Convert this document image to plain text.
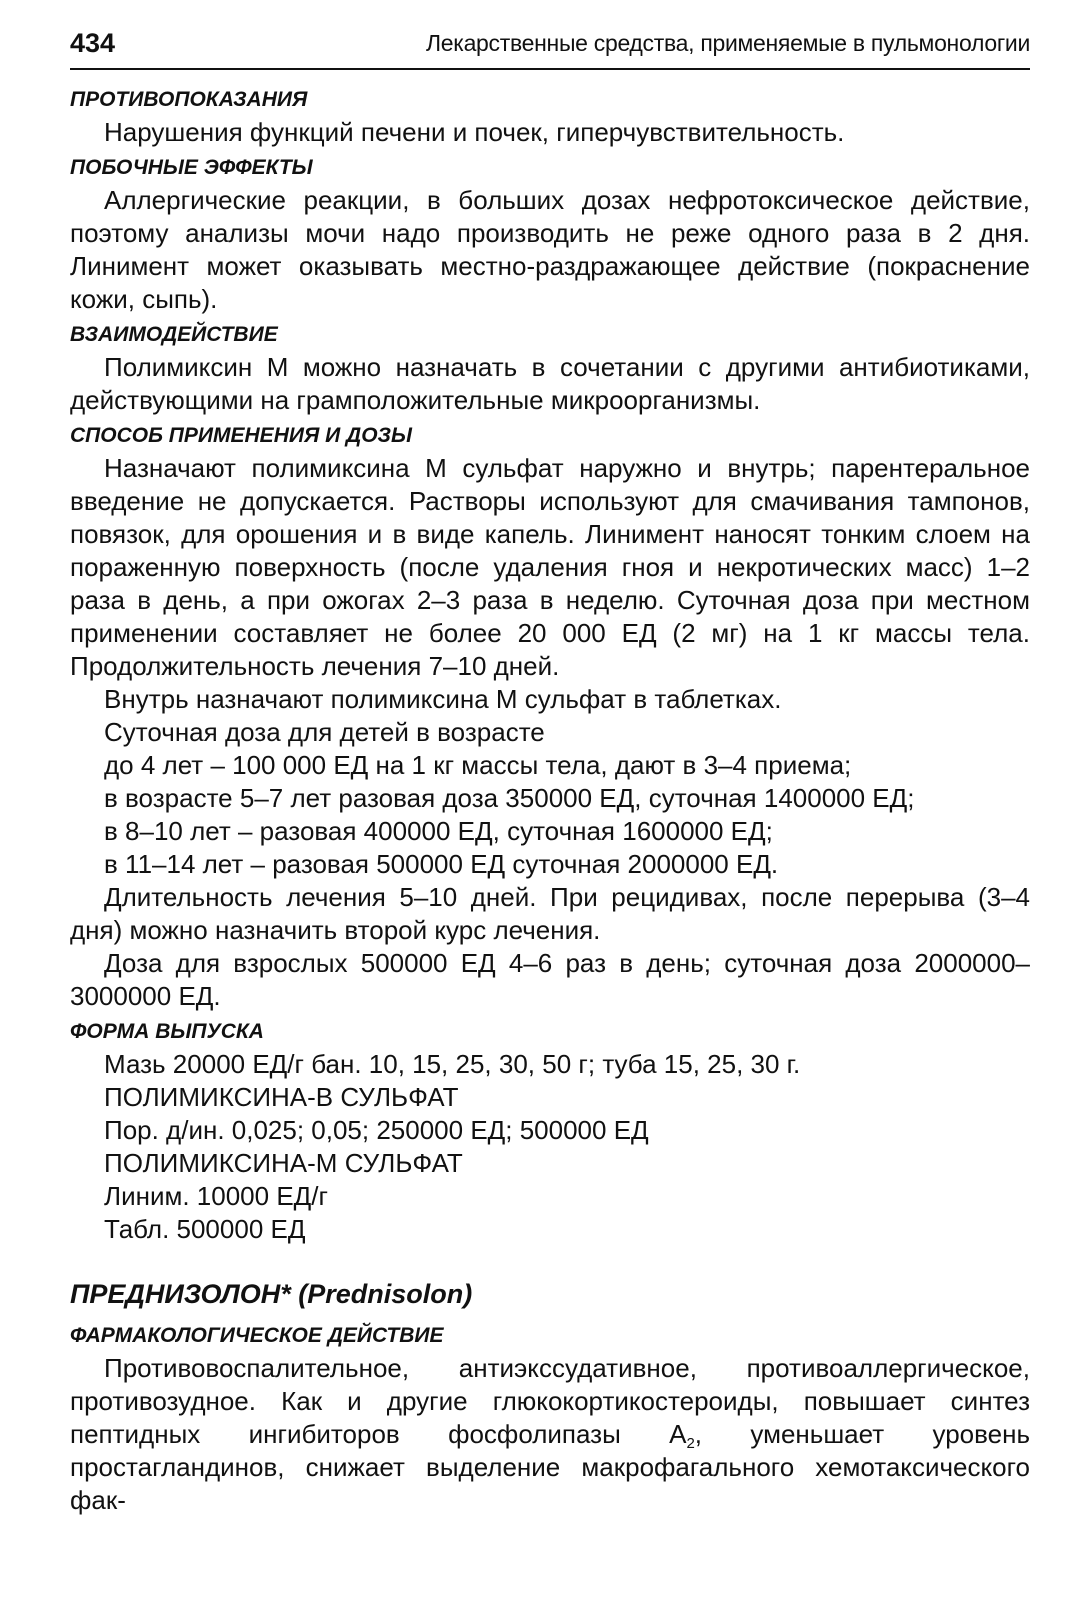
434	Лекарственные средства, применяемые в пульмонологии
ПРОТИВОПОКАЗАНИЯ

Нарушения функций печени и почек, гиперчувствительность.

ПОБОЧНЫЕ ЭФФЕКТЫ

Аллергические реакции, в больших дозах нефротоксическое действие, поэтому анализы мочи надо производить не реже одного раза в 2 дня. Линимент может оказывать местно-раздражающее действие (покраснение кожи, сыпь).

ВЗАИМОДЕЙСТВИЕ

Полимиксин М можно назначать в сочетании с другими антибиотиками, действующими на грамположительные микроорганизмы.

СПОСОБ ПРИМЕНЕНИЯ И ДОЗЫ

Назначают полимиксина М сульфат наружно и внутрь; парентеральное введение не допускается. Растворы используют для смачивания тампонов, повязок, для орошения и в виде капель. Линимент наносят тонким слоем на пораженную поверхность (после удаления гноя и некротических масс) 1–2 раза в день, а при ожогах 2–3 раза в неделю. Суточная доза при местном применении составляет не более 20 000 ЕД (2 мг) на 1 кг массы тела. Продолжительность лечения 7–10 дней.

Внутрь назначают полимиксина М сульфат в таблетках.
Суточная доза для детей в возрасте
до 4 лет – 100 000 ЕД на 1 кг массы тела, дают в 3–4 приема;
в возрасте 5–7 лет разовая доза 350000 ЕД, суточная 1400000 ЕД;
в 8–10 лет – разовая 400000 ЕД, суточная 1600000 ЕД;
в 11–14 лет – разовая 500000 ЕД суточная 2000000 ЕД.

Длительность лечения 5–10 дней. При рецидивах, после перерыва (3–4 дня) можно назначить второй курс лечения.

Доза для взрослых 500000 ЕД 4–6 раз в день; суточная доза 2000000–3000000 ЕД.

ФОРМА ВЫПУСКА
Мазь 20000 ЕД/г бан. 10, 15, 25, 30, 50 г; туба 15, 25, 30 г.
ПОЛИМИКСИНА-В СУЛЬФАТ
Пор. д/ин. 0,025; 0,05; 250000 ЕД; 500000 ЕД
ПОЛИМИКСИНА-М СУЛЬФАТ
Линим. 10000 ЕД/г
Табл. 500000 ЕД
ПРЕДНИЗОЛОН* (Prednisolon)
ФАРМАКОЛОГИЧЕСКОЕ ДЕЙСТВИЕ

Противовоспалительное, антиэкссудативное, противоаллергическое, противозудное. Как и другие глюкокортикостероиды, повышает синтез пептидных ингибиторов фосфолипазы $А_2$, уменьшает уровень простагландинов, снижает выделение макрофагального хемотаксического фак-
